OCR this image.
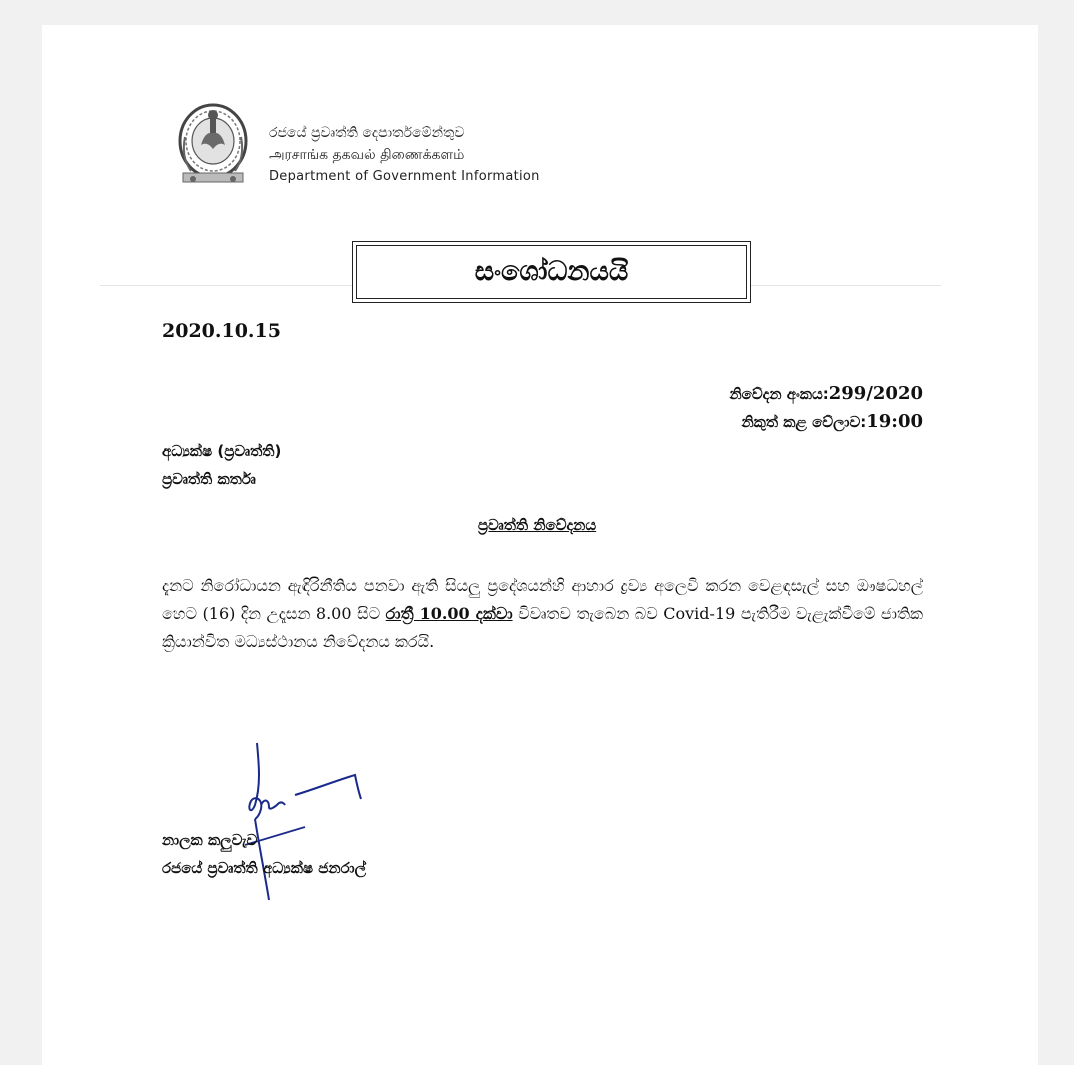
රජයේ ප්‍රවෘත්ති දෙපාර්තමේන්තුව
அரசாங்க தகவல் திணைக்களம்
Department of Government Information
සංශෝධනයයි
2020.10.15
නිවේදන අංකය:299/2020
නිකුත් කළ වේලාව:19:00
අධ්‍යක්ෂ (ප්‍රවෘත්ති)
ප්‍රවෘත්ති කර්තෘ
ප්‍රවෘත්ති නිවේදනය
දැනට නිරෝධායන ඇඳිරිනීතිය පනවා ඇති සියලු ප්‍රදේශයන්හි ආහාර ද්‍රව්‍ය අලෙවි කරන වෙළඳසැල් සහ ඖෂධහල් හෙට (16) දින උදෑසන 8.00 සිට රාත්‍රී 10.00 දක්වා විවෘතව තැබෙන බව Covid-19 පැතිරීම වැළැක්වීමේ ජාතික ක්‍රියාන්විත මධ්‍යස්ථානය නිවේදනය කරයි.
නාලක කලුවැව
රජයේ ප්‍රවෘත්ති අධ්‍යක්ෂ ජනරාල්
